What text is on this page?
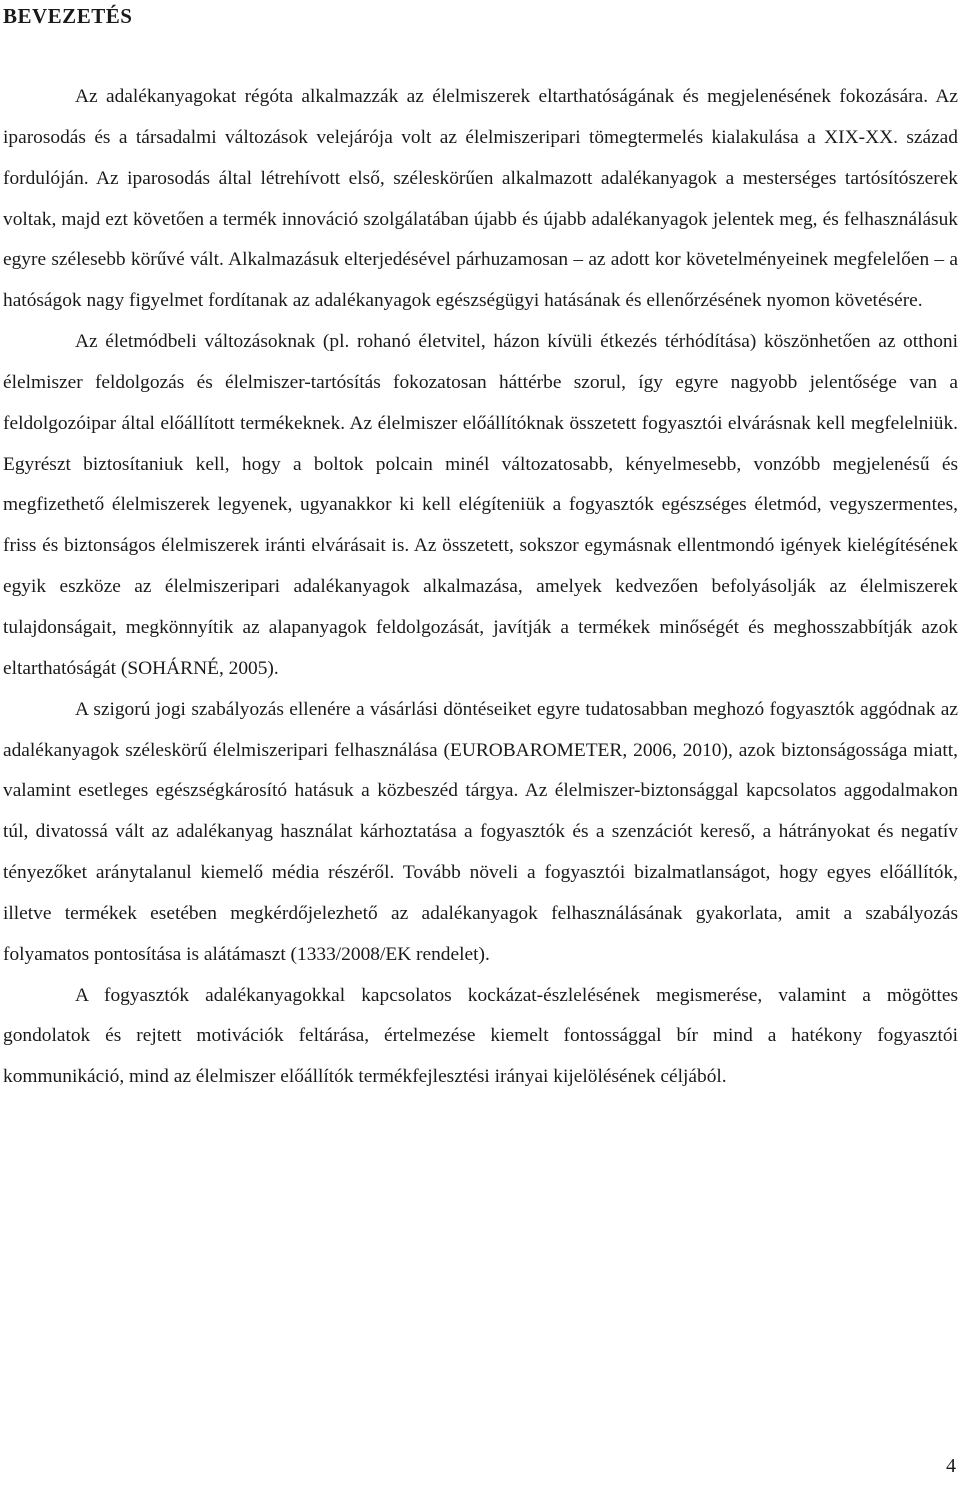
BEVEZETÉS

Az adalékanyagokat régóta alkalmazzák az élelmiszerek eltarthatóságának és megjelenésének fokozására. Az iparosodás és a társadalmi változások velejárója volt az élelmiszeripari tömegtermelés kialakulása a XIX-XX. század fordulóján. Az iparosodás által létrehívott első, széleskörűen alkalmazott adalékanyagok a mesterséges tartósítószerek voltak, majd ezt követően a termék innováció szolgálatában újabb és újabb adalékanyagok jelentek meg, és felhasználásuk egyre szélesebb körűvé vált. Alkalmazásuk elterjedésével párhuzamosan – az adott kor követelményeinek megfelelően – a hatóságok nagy figyelmet fordítanak az adalékanyagok egészségügyi hatásának és ellenőrzésének nyomon követésére.

Az életmódbeli változásoknak (pl. rohanó életvitel, házon kívüli étkezés térhódítása) köszönhetően az otthoni élelmiszer feldolgozás és élelmiszer-tartósítás fokozatosan háttérbe szorul, így egyre nagyobb jelentősége van a feldolgozóipar által előállított termékeknek. Az élelmiszer előállítóknak összetett fogyasztói elvárásnak kell megfelelniük. Egyrészt biztosítaniuk kell, hogy a boltok polcain minél változatosabb, kényelmesebb, vonzóbb megjelenésű és megfizethető élelmiszerek legyenek, ugyanakkor ki kell elégíteniük a fogyasztók egészséges életmód, vegyszermentes, friss és biztonságos élelmiszerek iránti elvárásait is. Az összetett, sokszor egymásnak ellentmondó igények kielégítésének egyik eszköze az élelmiszeripari adalékanyagok alkalmazása, amelyek kedvezően befolyásolják az élelmiszerek tulajdonságait, megkönnyítik az alapanyagok feldolgozását, javítják a termékek minőségét és meghosszabbítják azok eltarthatóságát (SOHÁRNÉ, 2005).

A szigorú jogi szabályozás ellenére a vásárlási döntéseiket egyre tudatosabban meghozó fogyasztók aggódnak az adalékanyagok széleskörű élelmiszeripari felhasználása (EUROBAROMETER, 2006, 2010), azok biztonságossága miatt, valamint esetleges egészségkárosító hatásuk a közbeszéd tárgya. Az élelmiszer-biztonsággal kapcsolatos aggodalmakon túl, divatossá vált az adalékanyag használat kárhoztatása a fogyasztók és a szenzációt kereső, a hátrányokat és negatív tényezőket aránytalanul kiemelő média részéről. Tovább növeli a fogyasztói bizalmatlanságot, hogy egyes előállítók, illetve termékek esetében megkérdőjelezhető az adalékanyagok felhasználásának gyakorlata, amit a szabályozás folyamatos pontosítása is alátámaszt (1333/2008/EK rendelet).

A fogyasztók adalékanyagokkal kapcsolatos kockázat-észlelésének megismerése, valamint a mögöttes gondolatok és rejtett motivációk feltárása, értelmezése kiemelt fontossággal bír mind a hatékony fogyasztói kommunikáció, mind az élelmiszer előállítók termékfejlesztési irányai kijelölésének céljából.

4
